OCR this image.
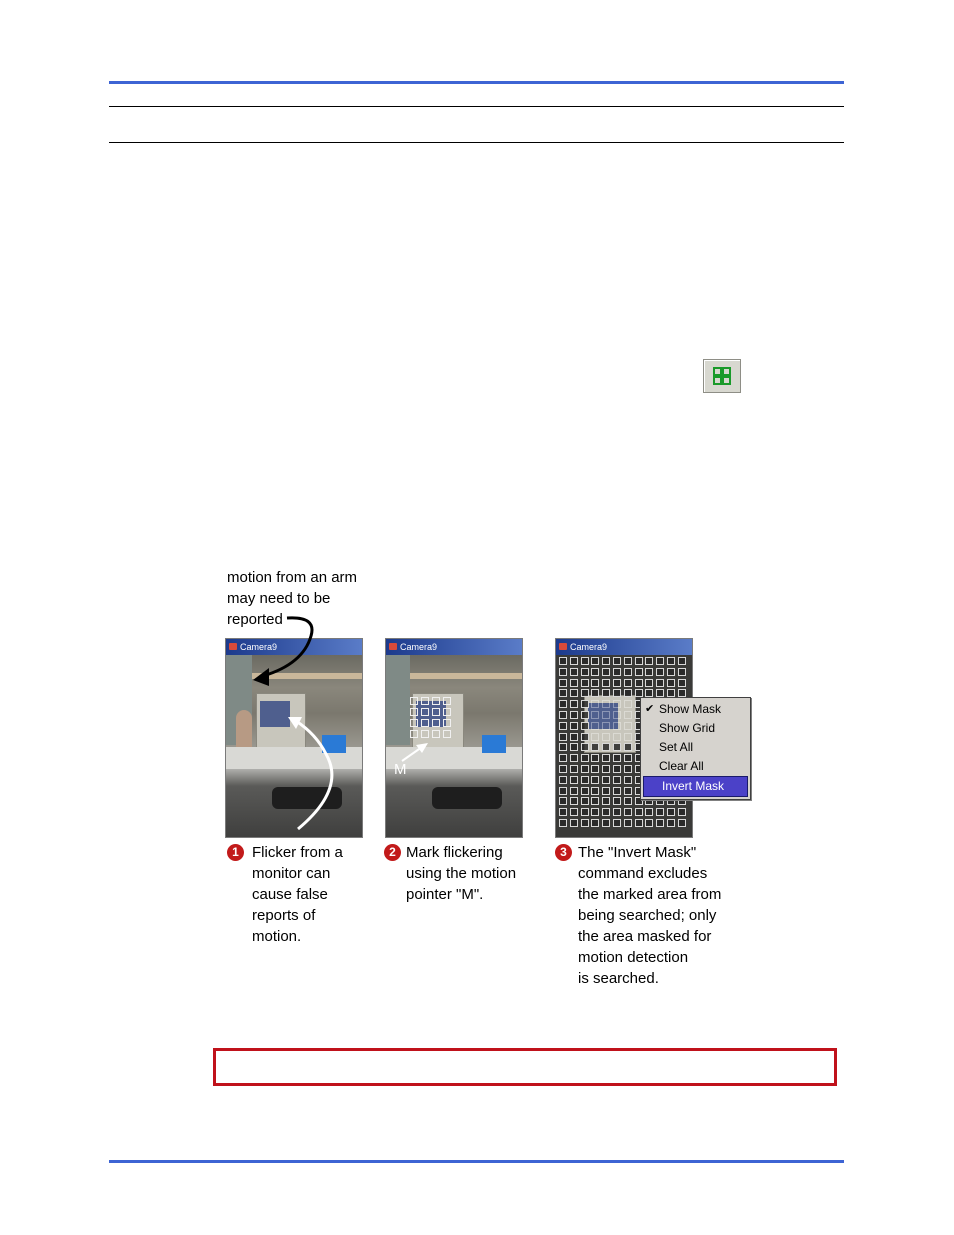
motion from an arm
may need to be
reported
Camera9
1 Flicker from a
monitor can
cause false
reports of
motion.
Camera9
M
2 Mark flickering
using the motion
pointer "M".
Camera9
✔ Show Mask
Show Grid
Set All
Clear All
Invert Mask
3 The "Invert Mask"
command excludes
the marked area from
being searched; only
the area masked for
motion detection
is searched.
